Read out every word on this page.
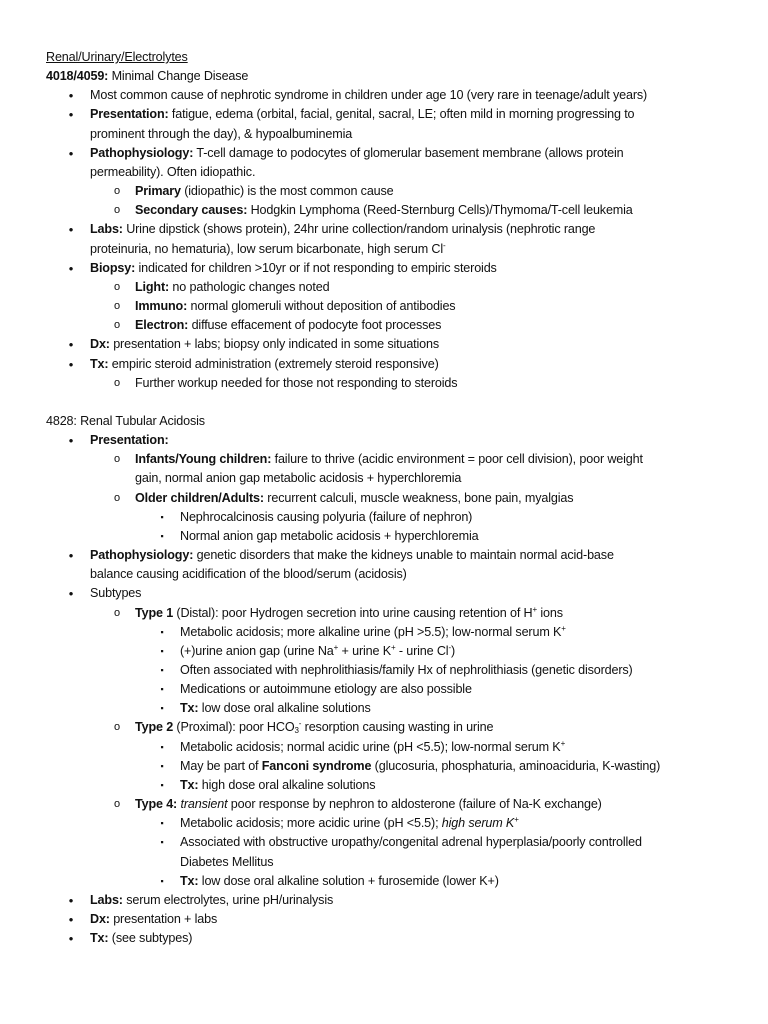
Renal/Urinary/Electrolytes
4018/4059: Minimal Change Disease
•	Most common cause of nephrotic syndrome in children under age 10 (very rare in teenage/adult years)
•	Presentation: fatigue, edema (orbital, facial, genital, sacral, LE; often mild in morning progressing to
prominent through the day), & hypoalbuminemia
•	Pathophysiology: T-cell damage to podocytes of glomerular basement membrane (allows protein
permeability). Often idiopathic.
o Primary (idiopathic) is the most common cause
o Secondary causes: Hodgkin Lymphoma (Reed-Sternburg Cells)/Thymoma/T-cell leukemia
•	Labs: Urine dipstick (shows protein), 24hr urine collection/random urinalysis (nephrotic range
proteinuria, no hematuria), low serum bicarbonate, high serum Cl-
•	Biopsy: indicated for children >10yr or if not responding to empiric steroids
o Light: no pathologic changes noted
o Immuno: normal glomeruli without deposition of antibodies
o Electron: diffuse effacement of podocyte foot processes
•	Dx: presentation + labs; biopsy only indicated in some situations
•	Tx: empiric steroid administration (extremely steroid responsive)
o Further workup needed for those not responding to steroids
4828: Renal Tubular Acidosis
•	Presentation:
o Infants/Young children: failure to thrive (acidic environment = poor cell division), poor weight
gain, normal anion gap metabolic acidosis + hyperchloremia
o Older children/Adults: recurrent calculi, muscle weakness, bone pain, myalgias
▪	Nephrocalcinosis causing polyuria (failure of nephron)
▪	Normal anion gap metabolic acidosis + hyperchloremia
•	Pathophysiology: genetic disorders that make the kidneys unable to maintain normal acid-base
balance causing acidification of the blood/serum (acidosis)
•	Subtypes
o Type 1 (Distal): poor Hydrogen secretion into urine causing retention of H+ ions
▪	Metabolic acidosis; more alkaline urine (pH >5.5); low-normal serum K+
▪	(+)urine anion gap (urine Na+ + urine K+ - urine Cl-)
▪	Often associated with nephrolithiasis/family Hx of nephrolithiasis (genetic disorders)
▪	Medications or autoimmune etiology are also possible
▪	Tx: low dose oral alkaline solutions
o Type 2 (Proximal): poor $HCO_3^-$ resorption causing wasting in urine
▪	Metabolic acidosis; normal acidic urine (pH <5.5); low-normal serum K+
▪	May be part of Fanconi syndrome (glucosuria, phosphaturia, aminoaciduria, K-wasting)
▪	Tx: high dose oral alkaline solutions
o Type 4: transient poor response by nephron to aldosterone (failure of Na-K exchange)
▪	Metabolic acidosis; more acidic urine (pH <5.5); high serum K+
▪	Associated with obstructive uropathy/congenital adrenal hyperplasia/poorly controlled
Diabetes Mellitus
▪	Tx: low dose oral alkaline solution + furosemide (lower K+)
•	Labs: serum electrolytes, urine pH/urinalysis
•	Dx: presentation + labs
•	Tx: (see subtypes)
